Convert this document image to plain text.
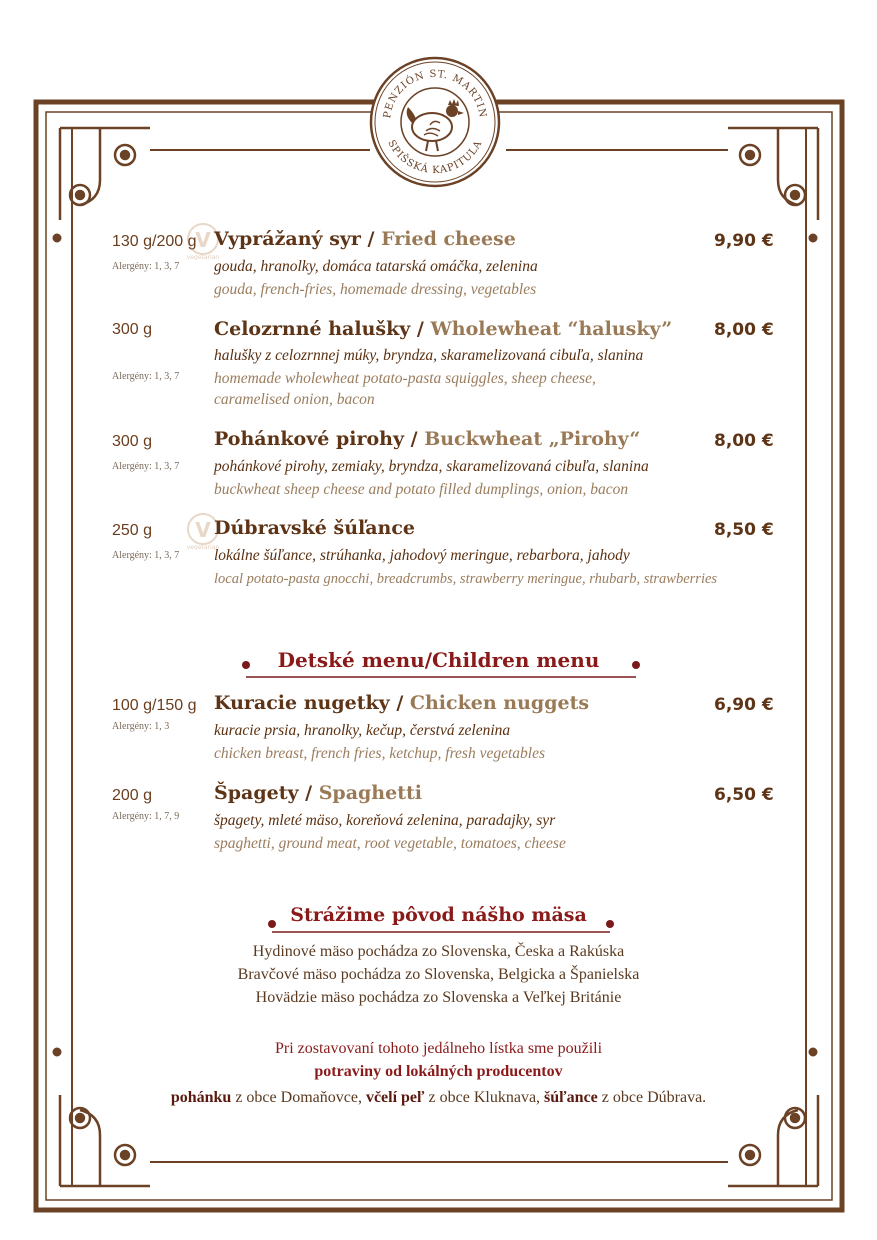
PENZIÓN ST. MARTIN
SPIŠSKÁ KAPITULA
V
vegetarian
V
vegetarian
130 g/200 g
Alergény: 1, 3, 7
Vyprážaný syr / Fried cheese	9,90 €
gouda, hranolky, domáca tatarská omáčka, zelenina
gouda, french-fries, homemade dressing, vegetables
300 g
Alergény: 1, 3, 7
Celozrnné halušky / Wholewheat “halusky” 8,00 €
halušky z celozrnnej múky, bryndza, skaramelizovaná cibuľa, slanina
homemade wholewheat potato-pasta squiggles, sheep cheese,
caramelised onion, bacon
300 g
Alergény: 1, 3, 7
Pohánkové pirohy / Buckwheat „Pirohy“	8,00 €
pohánkové pirohy, zemiaky, bryndza, skaramelizovaná cibuľa, slanina
buckwheat sheep cheese and potato filled dumplings, onion, bacon
250 g
Alergény: 1, 3, 7
Dúbravské šúľance	8,50 €
lokálne šúľance, strúhanka, jahodový meringue, rebarbora, jahody
local potato-pasta gnocchi, breadcrumbs, strawberry meringue, rhubarb, strawberries
Detské menu/Children menu
100 g/150 g
Alergény: 1, 3
Kuracie nugetky / Chicken nuggets	6,90 €
kuracie prsia, hranolky, kečup, čerstvá zelenina
chicken breast, french fries, ketchup, fresh vegetables
200 g
Alergény: 1, 7, 9
Špagety / Spaghetti	6,50 €
špagety, mleté mäso, koreňová zelenina, paradajky, syr
spaghetti, ground meat, root vegetable, tomatoes, cheese
Strážime pôvod nášho mäsa
Hydinové mäso pochádza zo Slovenska, Česka a Rakúska
Bravčové mäso pochádza zo Slovenska, Belgicka a Španielska
Hovädzie mäso pochádza zo Slovenska a Veľkej Británie
Pri zostavovaní tohoto jedálneho lístka sme použili
potraviny od lokálných producentov
pohánku z obce Domaňovce, včelí peľ z obce Kluknava, šúľance z obce Dúbrava.
